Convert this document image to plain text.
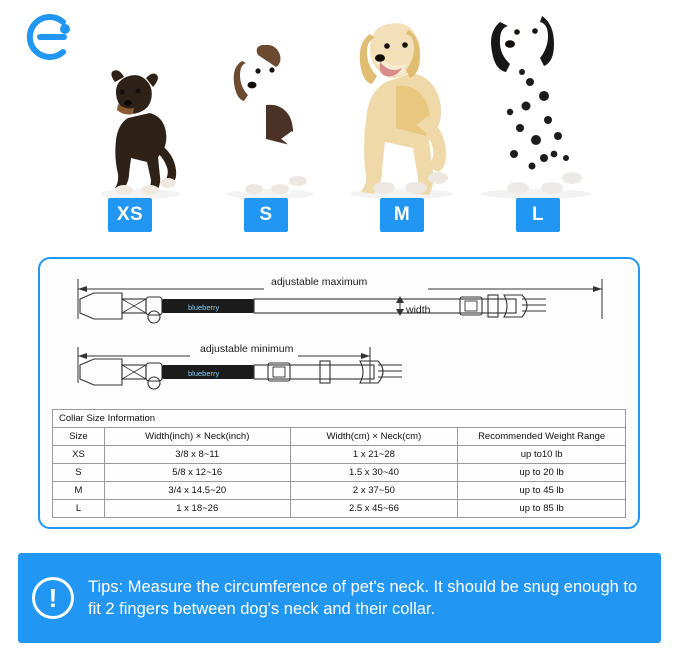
XS	S	M	L
blueberry
blueberry
adjustable maximum
adjustable minimum
width
Collar Size Information			
Size	Width(inch) × Neck(inch)	Width(cm) × Neck(cm)	Recommended Weight Range
XS	3/8 x 8~11	1 x 21~28	up to10 lb
S	5/8 x 12~16	1.5 x 30~40	up to 20 lb
M	3/4 x 14.5~20	2 x 37~50	up to 45 lb
L	1 x 18~26	2.5 x 45~66	up to 85 lb
!	Tips: Measure the circumference of pet's neck. It should be snug enough to fit 2 fingers between dog's neck and their collar.
